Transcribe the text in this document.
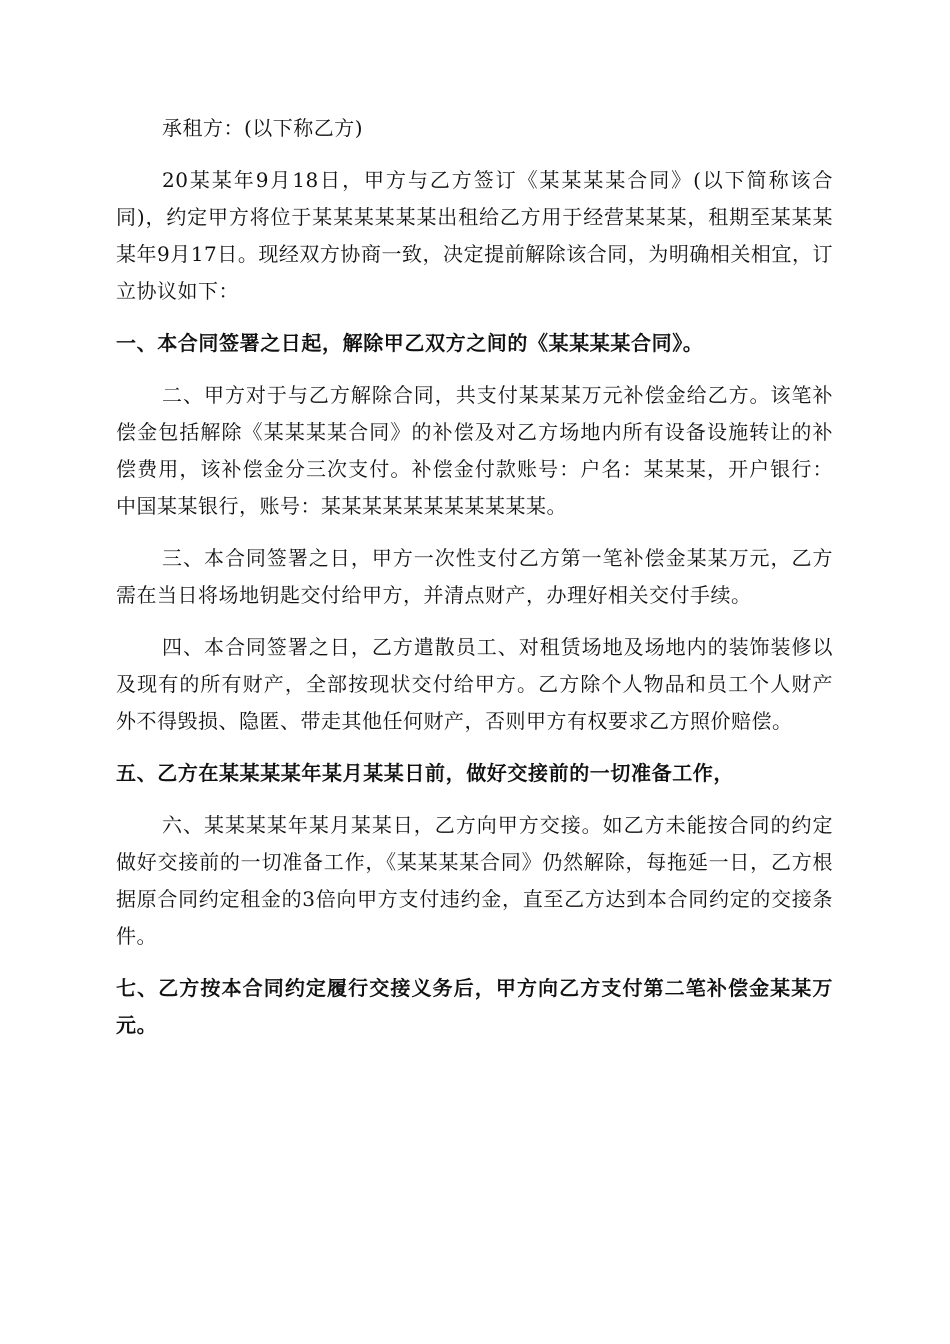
承租方：(以下称乙方)

20某某年9月18日，甲方与乙方签订《某某某某合同》(以下简称该合同)，约定甲方将位于某某某某某某出租给乙方用于经营某某某，租期至某某某某年9月17日。现经双方协商一致，决定提前解除该合同，为明确相关相宜，订立协议如下：

一、本合同签署之日起，解除甲乙双方之间的《某某某某合同》。

二、甲方对于与乙方解除合同，共支付某某某万元补偿金给乙方。该笔补偿金包括解除《某某某某合同》的补偿及对乙方场地内所有设备设施转让的补偿费用，该补偿金分三次支付。补偿金付款账号：户名：某某某，开户银行：中国某某银行，账号：某某某某某某某某某某某。

三、本合同签署之日，甲方一次性支付乙方第一笔补偿金某某万元，乙方需在当日将场地钥匙交付给甲方，并清点财产，办理好相关交付手续。

四、本合同签署之日，乙方遣散员工、对租赁场地及场地内的装饰装修以及现有的所有财产，全部按现状交付给甲方。乙方除个人物品和员工个人财产外不得毁损、隐匿、带走其他任何财产，否则甲方有权要求乙方照价赔偿。

五、乙方在某某某某年某月某某日前，做好交接前的一切准备工作，

六、某某某某年某月某某日，乙方向甲方交接。如乙方未能按合同的约定做好交接前的一切准备工作，《某某某某合同》仍然解除，每拖延一日，乙方根据原合同约定租金的3倍向甲方支付违约金，直至乙方达到本合同约定的交接条件。

七、乙方按本合同约定履行交接义务后，甲方向乙方支付第二笔补偿金某某万元。
